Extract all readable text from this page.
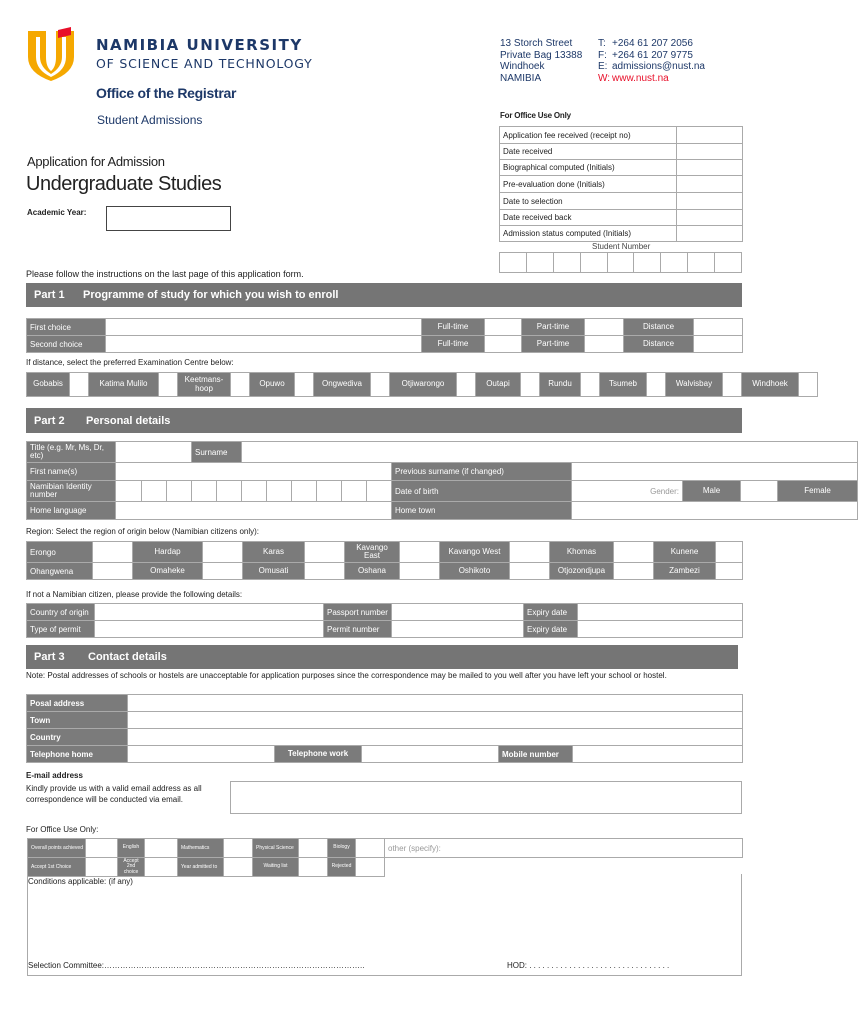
NAMIBIA UNIVERSITY
OF SCIENCE AND TECHNOLOGY
Office of the Registrar
Student Admissions
13 Storch Street
Private Bag 13388
Windhoek
NAMIBIA
T: +264 61 207 2056
F: +264 61 207 9775
E: admissions@nust.na
W: www.nust.na
For Office Use Only
Application fee received (receipt no)	
Date received	
Biographical computed (Initials)	
Pre-evaluation done (Initials)	
Date to selection	
Date received back	
Admission status computed (Initials)	
Student Number

Application for Admission
Undergraduate Studies
Academic Year:
Please follow the instructions on the last page of this application form.
Part 1 Programme of study for which you wish to enroll
First choice		Full-time		Part-time		Distance	
Second choice		Full-time		Part-time		Distance	
If distance, select the preferred Examination Centre below:
Gobabis		Katima Mulilo		Keetmans-hoop		Opuwo		Ongwediva		Otjiwarongo		Outapi		Rundu		Tsumeb		Walvisbay		Windhoek	
Part 2 Personal details
Title (e.g. Mr, Ms, Dr, etc)				Surname												
First name(s)												Previous surname (if changed)				
Namibian Identity number												Date of birth	Gender:	Male		Female
Home language												Home town				
Region: Select the region of origin below (Namibian citizens only):
Erongo		Hardap		Karas		Kavango East		Kavango West		Khomas		Kunene	
Ohangwena		Omaheke		Omusati		Oshana		Oshikoto		Otjozondjupa		Zambezi	
If not a Namibian citizen, please provide the following details:
Country of origin		Passport number		Expiry date	
Type of permit		Permit number		Expiry date	
Part 3 Contact details
Note: Postal addresses of schools or hostels are unacceptable for application purposes since the correspondence may be mailed to you well after you have left your school or hostel.
Posal address					
Town					
Country					
Telephone home		Telephone work		Mobile number	
E-mail address
Kindly provide us with a valid email address as all correspondence will be conducted via email.
For Office Use Only:
Overall points achieved		English		Mathematics		Physical Science		Biology		other (specify):
Accept 1st Choice		Accept 2nd choice		Year admitted to		Waiting list		Rejected		
Conditions applicable: (if any)
Selection Committee:……………………………………………………………………………………..	HOD: . . . . . . . . . . . . . . . . . . . . . . . . . . . . . . . .
